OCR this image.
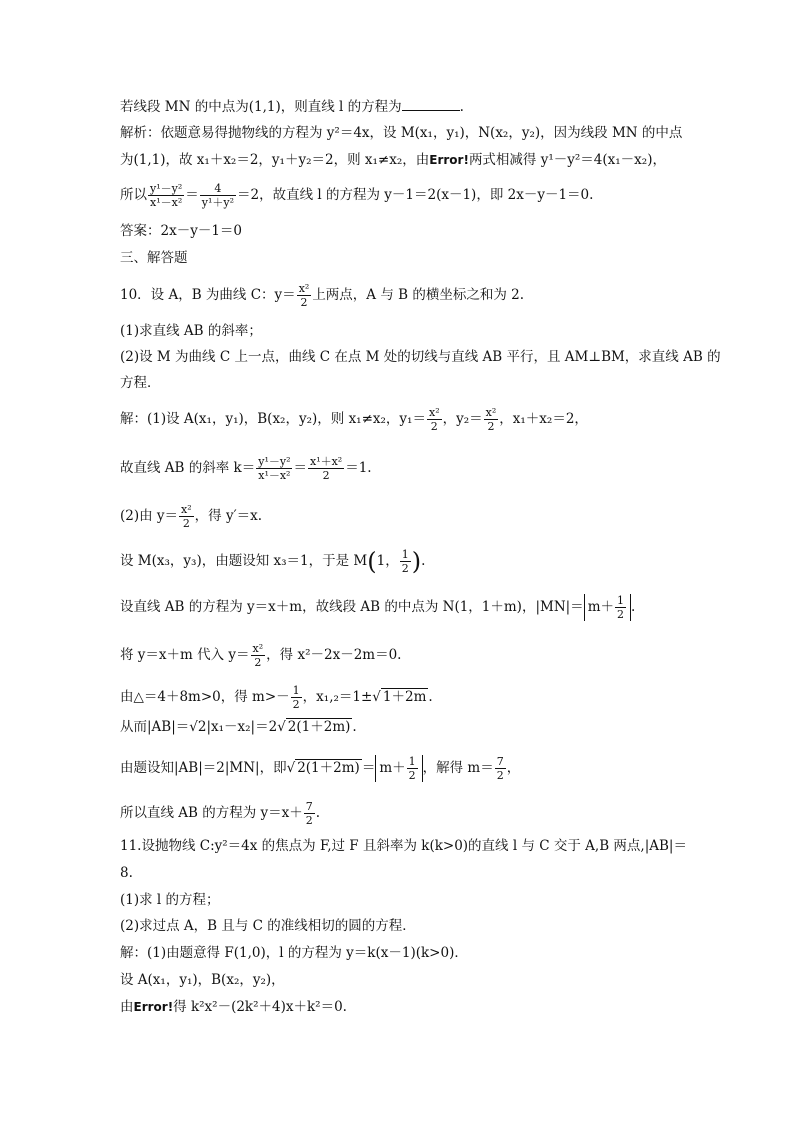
若线段 MN 的中点为(1,1)，则直线 l 的方程为	.
解析：依题意易得抛物线的方程为 y²＝4x，设 M(x₁，y₁)，N(x₂，y₂)，因为线段 MN 的中点
为(1,1)，故 x₁＋x₂＝2，y₁＋y₂＝2，则 x₁≠x₂，由Error!两式相减得 y¹－y²＝4(x₁－x₂)，
所以 $\frac{\text{y¹－y²}}{\text{x¹－x²}} = \frac{4}{\text{y¹＋y²}} =2$，故直线 l 的方程为 y－1＝2(x－1)，即 2x－y－1＝0.
答案：2x－y－1＝0
三、解答题
10．设 A，B 为曲线 C：$y= \frac{\text{x²}}{2}$ 上两点，A 与 B 的横坐标之和为 2.
(1)求直线 AB 的斜率；
(2)设 M 为曲线 C 上一点，曲线 C 在点 M 处的切线与直线 AB 平行，且 AM⊥BM，求直线 AB 的
方程．
解：(1)设 A(x₁，y₁)，B(x₂，y₂)，则 x₁≠x₂，$y_1= \frac{\text{x²}}{2}$ ，$y_2= \frac{\text{x²}}{2}$ ，x₁＋x₂＝2，
故直线 AB 的斜率 $k= \frac{\text{y¹－y²}}{\text{x¹－x²}} = \frac{\text{x¹＋x²}}{2} =1$.
(2)由 $y= \frac{\text{x²}}{2}$ ，得 y′＝x.
设 M(x₃，y₃)，由题设知 x₃＝1，于是 M(1， $\frac{1}{2}$ ).
设直线 AB 的方程为 y＝x＋m，故线段 AB 的中点为 N(1，1＋m)，$|MN|= m+ \frac{1}{2}$ .
将 y＝x＋m 代入 $y= \frac{\text{x²}}{2}$ ，得 x²－2x－2m＝0.
由△＝4＋8m>0，得 $m>- \frac{1}{2}$ ，x₁,₂＝1±√ 1＋2m .
从而|AB|＝√2|x₁－x₂|＝2√ 2(1＋2m) .
由题设知|AB|＝2|MN|，即√ $2(1+2m) = m+ \frac{1}{2}$ ，解得 $m= \frac{7}{2}$ ，
所以直线 AB 的方程为 $y=x+ \frac{7}{2}$ .
11.设抛物线 C:y²＝4x 的焦点为 F,过 F 且斜率为 k(k>0)的直线 l 与 C 交于 A,B 两点,|AB|＝
8.
(1)求 l 的方程；
(2)求过点 A，B 且与 C 的准线相切的圆的方程．
解：(1)由题意得 F(1,0)，l 的方程为 y＝k(x－1)(k>0)．
设 A(x₁，y₁)，B(x₂，y₂)，
由Error!得 k²x²－(2k²＋4)x＋k²＝0.
